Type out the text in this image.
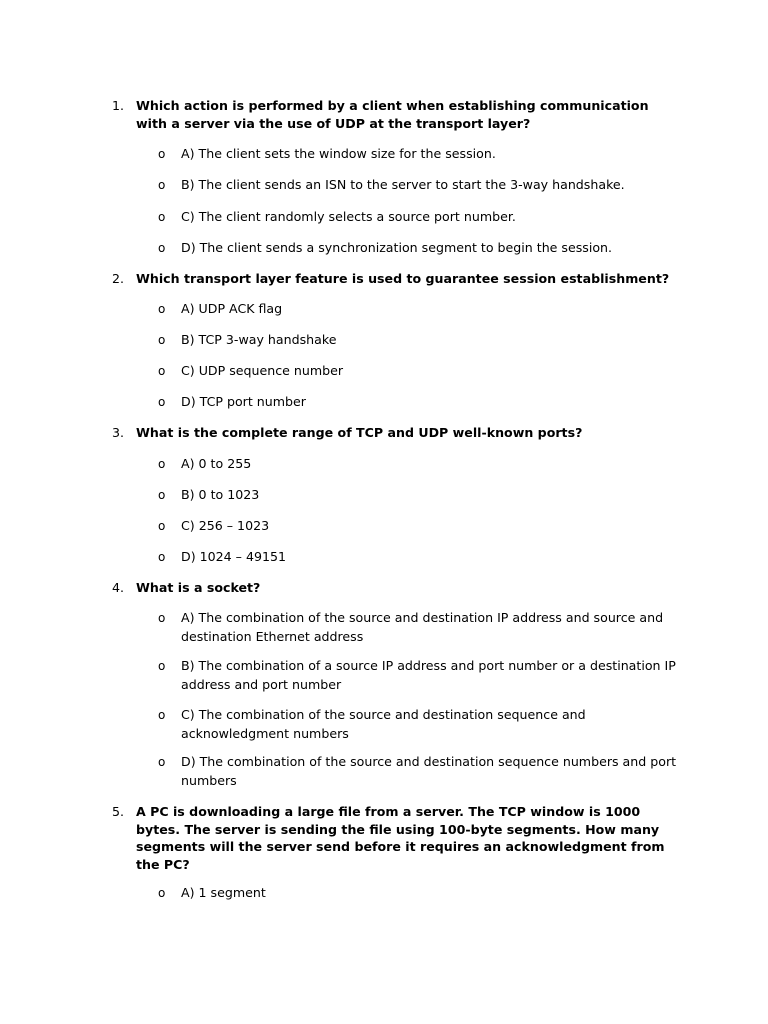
1. Which action is performed by a client when establishing communication with a server via the use of UDP at the transport layer?
o	A) The client sets the window size for the session.
o	B) The client sends an ISN to the server to start the 3-way handshake.
o	C) The client randomly selects a source port number.
o	D) The client sends a synchronization segment to begin the session.
2. Which transport layer feature is used to guarantee session establishment?
o	A) UDP ACK flag
o	B) TCP 3-way handshake
o	C) UDP sequence number
o	D) TCP port number
3. What is the complete range of TCP and UDP well-known ports?
o	A) 0 to 255
o	B) 0 to 1023
o	C) 256 – 1023
o	D) 1024 – 49151
4. What is a socket?
o	A) The combination of the source and destination IP address and source and destination Ethernet address
o	B) The combination of a source IP address and port number or a destination IP address and port number
o	C) The combination of the source and destination sequence and acknowledgment numbers
o	D) The combination of the source and destination sequence numbers and port numbers
5. A PC is downloading a large file from a server. The TCP window is 1000 bytes. The server is sending the file using 100-byte segments. How many segments will the server send before it requires an acknowledgment from the PC?
o	A) 1 segment
